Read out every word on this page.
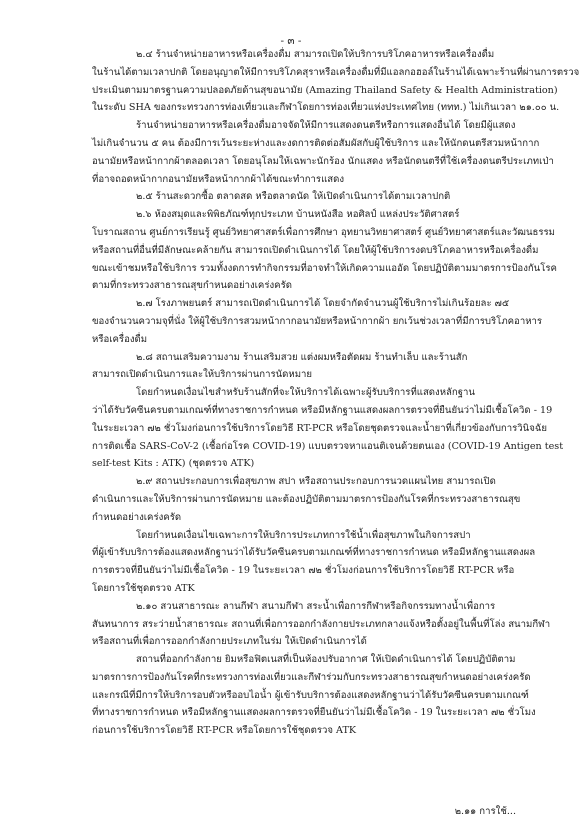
- ๓ -
๒.๔ ร้านจำหน่ายอาหารหรือเครื่องดื่ม สามารถเปิดให้บริการบริโภคอาหารหรือเครื่องดื่ม
ในร้านได้ตามเวลาปกติ โดยอนุญาตให้มีการบริโภคสุราหรือเครื่องดื่มที่มีแอลกอฮอล์ในร้านได้เฉพาะร้านที่ผ่านการตรวจ
ประเมินตามมาตรฐานความปลอดภัยด้านสุขอนามัย (Amazing Thailand Safety & Health Administration)
ในระดับ SHA ของกระทรวงการท่องเที่ยวและกีฬาโดยการท่องเที่ยวแห่งประเทศไทย (ททท.) ไม่เกินเวลา ๒๑.๐๐ น.
ร้านจำหน่ายอาหารหรือเครื่องดื่มอาจจัดให้มีการแสดงดนตรีหรือการแสดงอื่นได้ โดยมีผู้แสดง
ไม่เกินจำนวน ๕ คน ต้องมีการเว้นระยะห่างและงดการติดต่อสัมผัสกับผู้ใช้บริการ และให้นักดนตรีสวมหน้ากาก
อนามัยหรือหน้ากากผ้าตลอดเวลา โดยอนุโลมให้เฉพาะนักร้อง นักแสดง หรือนักดนตรีที่ใช้เครื่องดนตรีประเภทเป่า
ที่อาจถอดหน้ากากอนามัยหรือหน้ากากผ้าได้ขณะทำการแสดง
๒.๕ ร้านสะดวกซื้อ ตลาดสด หรือตลาดนัด ให้เปิดดำเนินการได้ตามเวลาปกติ
๒.๖ ห้องสมุดและพิพิธภัณฑ์ทุกประเภท บ้านหนังสือ หอศิลป์ แหล่งประวัติศาสตร์
โบราณสถาน ศูนย์การเรียนรู้ ศูนย์วิทยาศาสตร์เพื่อการศึกษา อุทยานวิทยาศาสตร์ ศูนย์วิทยาศาสตร์และวัฒนธรรม
หรือสถานที่อื่นที่มีลักษณะคล้ายกัน สามารถเปิดดำเนินการได้ โดยให้ผู้ใช้บริการงดบริโภคอาหารหรือเครื่องดื่ม
ขณะเข้าชมหรือใช้บริการ รวมทั้งงดการทำกิจกรรมที่อาจทำให้เกิดความแออัด โดยปฏิบัติตามมาตรการป้องกันโรค
ตามที่กระทรวงสาธารณสุขกำหนดอย่างเคร่งครัด
๒.๗ โรงภาพยนตร์ สามารถเปิดดำเนินการได้ โดยจำกัดจำนวนผู้ใช้บริการไม่เกินร้อยละ ๗๕
ของจำนวนความจุที่นั่ง ให้ผู้ใช้บริการสวมหน้ากากอนามัยหรือหน้ากากผ้า ยกเว้นช่วงเวลาที่มีการบริโภคอาหาร
หรือเครื่องดื่ม
๒.๘ สถานเสริมความงาม ร้านเสริมสวย แต่งผมหรือตัดผม ร้านทำเล็บ และร้านสัก
สามารถเปิดดำเนินการและให้บริการผ่านการนัดหมาย
โดยกำหนดเงื่อนไขสำหรับร้านสักที่จะให้บริการได้เฉพาะผู้รับบริการที่แสดงหลักฐาน
ว่าได้รับวัคซีนครบตามเกณฑ์ที่ทางราชการกำหนด หรือมีหลักฐานแสดงผลการตรวจที่ยืนยันว่าไม่มีเชื้อโควิด - 19
ในระยะเวลา ๗๒ ชั่วโมงก่อนการใช้บริการโดยวิธี RT-PCR หรือโดยชุดตรวจและน้ำยาที่เกี่ยวข้องกับการวินิจฉัย
การติดเชื้อ SARS-CoV-2 (เชื้อก่อโรค COVID-19) แบบตรวจหาแอนติเจนด้วยตนเอง (COVID-19 Antigen test
self-test Kits : ATK) (ชุดตรวจ ATK)
๒.๙ สถานประกอบการเพื่อสุขภาพ สปา หรือสถานประกอบการนวดแผนไทย สามารถเปิด
ดำเนินการและให้บริการผ่านการนัดหมาย และต้องปฏิบัติตามมาตรการป้องกันโรคที่กระทรวงสาธารณสุข
กำหนดอย่างเคร่งครัด
โดยกำหนดเงื่อนไขเฉพาะการให้บริการประเภทการใช้น้ำเพื่อสุขภาพในกิจการสปา
ที่ผู้เข้ารับบริการต้องแสดงหลักฐานว่าได้รับวัคซีนครบตามเกณฑ์ที่ทางราชการกำหนด หรือมีหลักฐานแสดงผล
การตรวจที่ยืนยันว่าไม่มีเชื้อโควิด - 19 ในระยะเวลา ๗๒ ชั่วโมงก่อนการใช้บริการโดยวิธี RT-PCR หรือ
โดยการใช้ชุดตรวจ ATK
๒.๑๐ สวนสาธารณะ ลานกีฬา สนามกีฬา สระน้ำเพื่อการกีฬาหรือกิจกรรมทางน้ำเพื่อการ
สันทนาการ สระว่ายน้ำสาธารณะ สถานที่เพื่อการออกกำลังกายประเภทกลางแจ้งหรือตั้งอยู่ในพื้นที่โล่ง สนามกีฬา
หรือสถานที่เพื่อการออกกำลังกายประเภทในร่ม ให้เปิดดำเนินการได้
สถานที่ออกกำลังกาย ยิมหรือฟิตเนสที่เป็นห้องปรับอากาศ ให้เปิดดำเนินการได้ โดยปฏิบัติตาม
มาตรการการป้องกันโรคที่กระทรวงการท่องเที่ยวและกีฬาร่วมกับกระทรวงสาธารณสุขกำหนดอย่างเคร่งครัด
และกรณีที่มีการให้บริการอบตัวหรืออบไอน้ำ ผู้เข้ารับบริการต้องแสดงหลักฐานว่าได้รับวัคซีนครบตามเกณฑ์
ที่ทางราชการกำหนด หรือมีหลักฐานแสดงผลการตรวจที่ยืนยันว่าไม่มีเชื้อโควิด - 19 ในระยะเวลา ๗๒ ชั่วโมง
ก่อนการใช้บริการโดยวิธี RT-PCR หรือโดยการใช้ชุดตรวจ ATK
๒.๑๑ การใช้...
